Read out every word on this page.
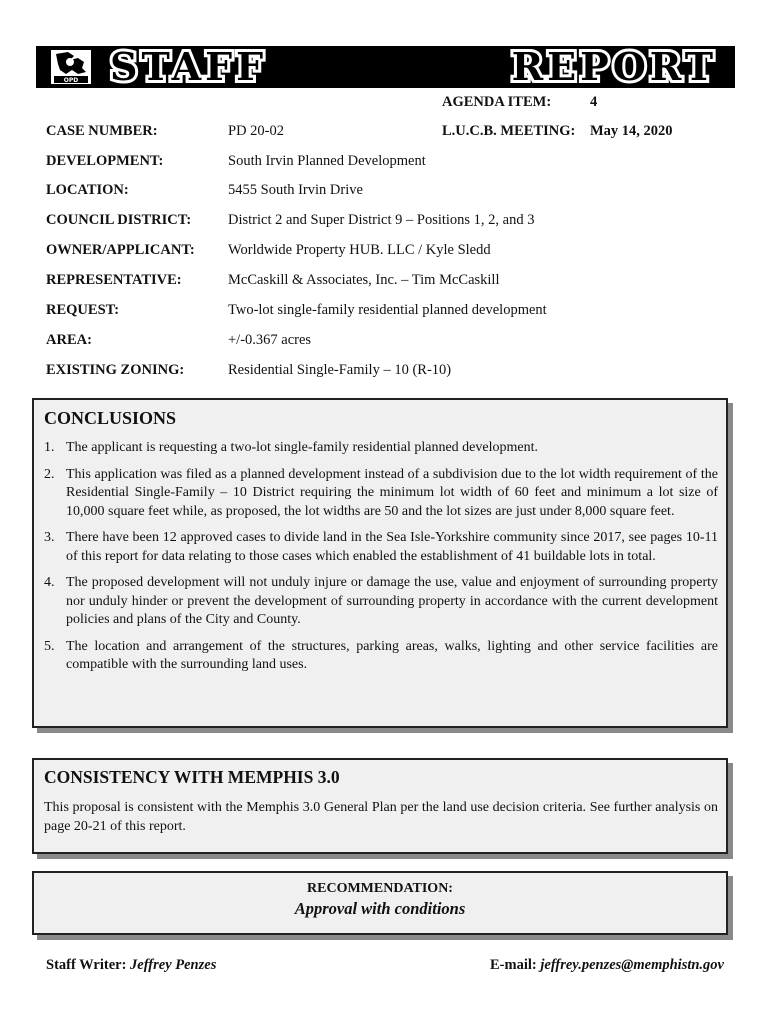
OPD STAFF STAFF	REPORT REPORT
AGENDA ITEM:	4
L.U.C.B. MEETING: May 14, 2020
CASE NUMBER:	PD 20-02
DEVELOPMENT:	South Irvin Planned Development
LOCATION:	5455 South Irvin Drive
COUNCIL DISTRICT:	District 2 and Super District 9 – Positions 1, 2, and 3
OWNER/APPLICANT: Worldwide Property HUB. LLC / Kyle Sledd
REPRESENTATIVE:	McCaskill & Associates, Inc. – Tim McCaskill
REQUEST:	Two-lot single-family residential planned development
AREA:	+/-0.367 acres
EXISTING ZONING:	Residential Single-Family – 10 (R-10)
CONCLUSIONS
1. The applicant is requesting a two-lot single-family residential planned development.
2. This application was filed as a planned development instead of a subdivision due to the lot width requirement of the Residential Single-Family – 10 District requiring the minimum lot width of 60 feet and minimum a lot size of 10,000 square feet while, as proposed, the lot widths are 50 and the lot sizes are just under 8,000 square feet.
3. There have been 12 approved cases to divide land in the Sea Isle-Yorkshire community since 2017, see pages 10-11 of this report for data relating to those cases which enabled the establishment of 41 buildable lots in total.
4. The proposed development will not unduly injure or damage the use, value and enjoyment of surrounding property nor unduly hinder or prevent the development of surrounding property in accordance with the current development policies and plans of the City and County.
5. The location and arrangement of the structures, parking areas, walks, lighting and other service facilities are compatible with the surrounding land uses.
CONSISTENCY WITH MEMPHIS 3.0
This proposal is consistent with the Memphis 3.0 General Plan per the land use decision criteria. See further analysis on page 20-21 of this report.
RECOMMENDATION:
Approval with conditions
Staff Writer: Jeffrey Penzes	E-mail: jeffrey.penzes@memphistn.gov
